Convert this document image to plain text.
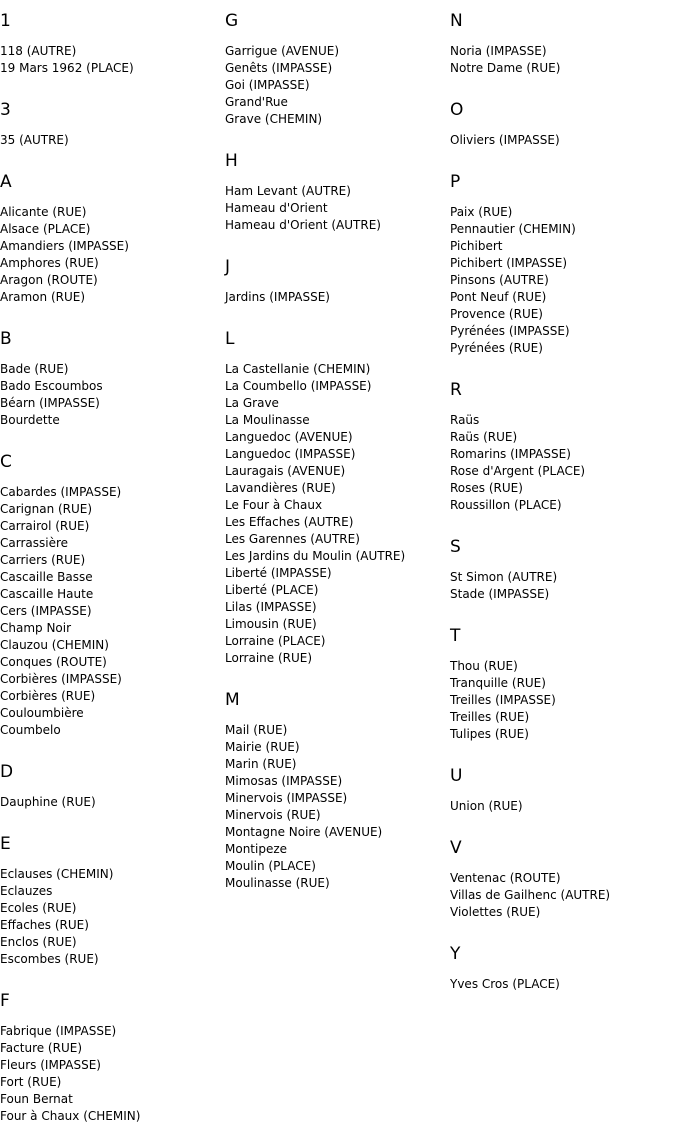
1
118 (AUTRE)
19 Mars 1962 (PLACE)
3
35 (AUTRE)
A
Alicante (RUE)
Alsace (PLACE)
Amandiers (IMPASSE)
Amphores (RUE)
Aragon (ROUTE)
Aramon (RUE)
B
Bade (RUE)
Bado Escoumbos
Béarn (IMPASSE)
Bourdette
C
Cabardes (IMPASSE)
Carignan (RUE)
Carrairol (RUE)
Carrassière
Carriers (RUE)
Cascaille Basse
Cascaille Haute
Cers (IMPASSE)
Champ Noir
Clauzou (CHEMIN)
Conques (ROUTE)
Corbières (IMPASSE)
Corbières (RUE)
Couloumbière
Coumbelo
D
Dauphine (RUE)
E
Eclauses (CHEMIN)
Eclauzes
Ecoles (RUE)
Effaches (RUE)
Enclos (RUE)
Escombes (RUE)
F
Fabrique (IMPASSE)
Facture (RUE)
Fleurs (IMPASSE)
Fort (RUE)
Foun Bernat
Four à Chaux (CHEMIN)
G
Garrigue (AVENUE)
Genêts (IMPASSE)
Goi (IMPASSE)
Grand'Rue
Grave (CHEMIN)
H
Ham Levant (AUTRE)
Hameau d'Orient
Hameau d'Orient (AUTRE)
J
Jardins (IMPASSE)
L
La Castellanie (CHEMIN)
La Coumbello (IMPASSE)
La Grave
La Moulinasse
Languedoc (AVENUE)
Languedoc (IMPASSE)
Lauragais (AVENUE)
Lavandières (RUE)
Le Four à Chaux
Les Effaches (AUTRE)
Les Garennes (AUTRE)
Les Jardins du Moulin (AUTRE)
Liberté (IMPASSE)
Liberté (PLACE)
Lilas (IMPASSE)
Limousin (RUE)
Lorraine (PLACE)
Lorraine (RUE)
M
Mail (RUE)
Mairie (RUE)
Marin (RUE)
Mimosas (IMPASSE)
Minervois (IMPASSE)
Minervois (RUE)
Montagne Noire (AVENUE)
Montipeze
Moulin (PLACE)
Moulinasse (RUE)
N
Noria (IMPASSE)
Notre Dame (RUE)
O
Oliviers (IMPASSE)
P
Paix (RUE)
Pennautier (CHEMIN)
Pichibert
Pichibert (IMPASSE)
Pinsons (AUTRE)
Pont Neuf (RUE)
Provence (RUE)
Pyrénées (IMPASSE)
Pyrénées (RUE)
R
Raüs
Raüs (RUE)
Romarins (IMPASSE)
Rose d'Argent (PLACE)
Roses (RUE)
Roussillon (PLACE)
S
St Simon (AUTRE)
Stade (IMPASSE)
T
Thou (RUE)
Tranquille (RUE)
Treilles (IMPASSE)
Treilles (RUE)
Tulipes (RUE)
U
Union (RUE)
V
Ventenac (ROUTE)
Villas de Gailhenc (AUTRE)
Violettes (RUE)
Y
Yves Cros (PLACE)
